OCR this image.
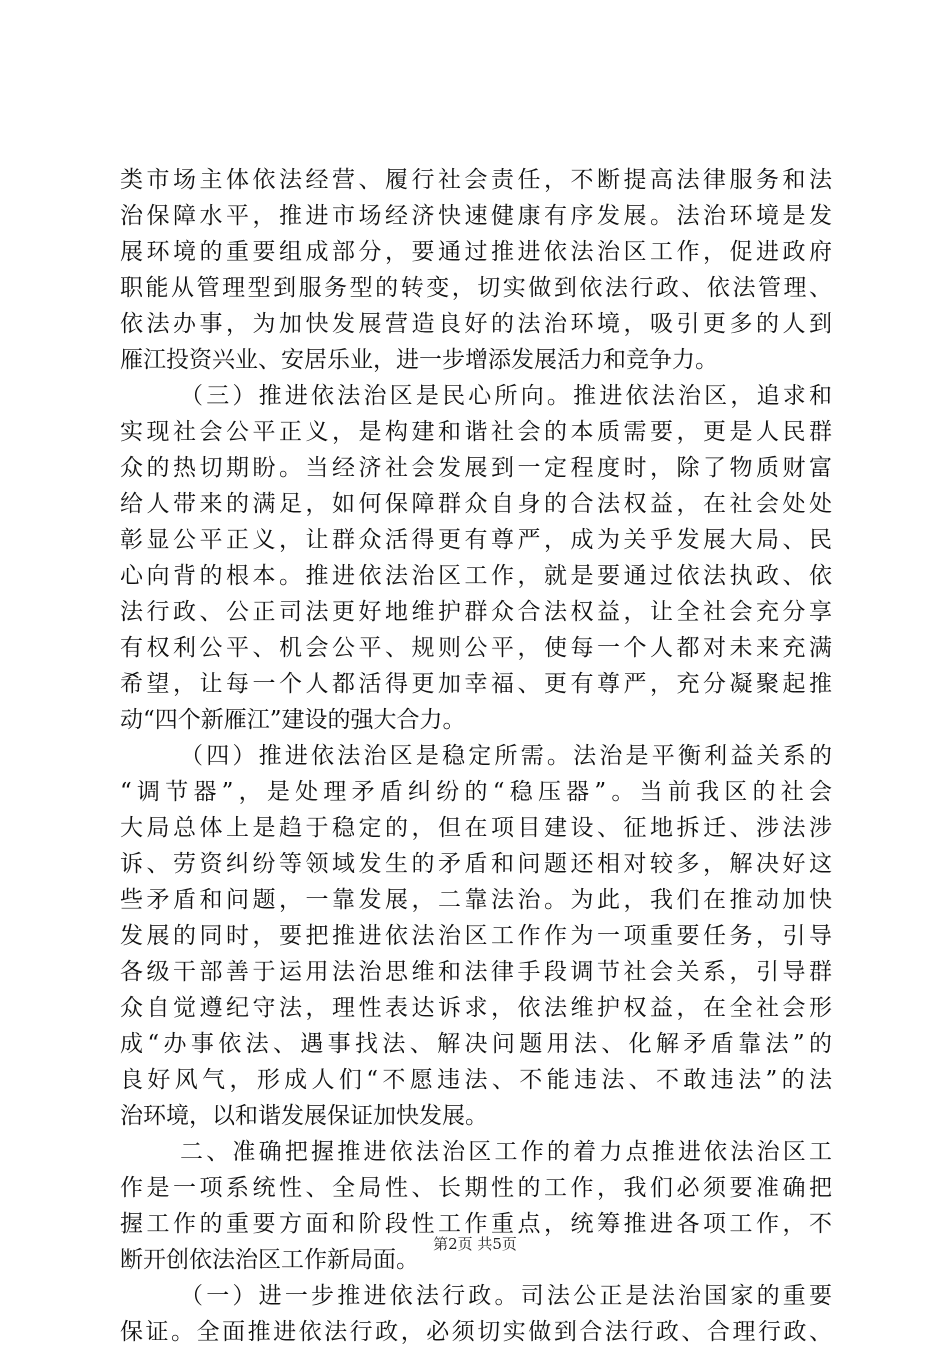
类市场主体依法经营、履行社会责任，不断提高法律服务和法
治保障水平，推进市场经济快速健康有序发展。法治环境是发
展环境的重要组成部分，要通过推进依法治区工作，促进政府
职能从管理型到服务型的转变，切实做到依法行政、依法管理、
依法办事，为加快发展营造良好的法治环境，吸引更多的人到
雁江投资兴业、安居乐业，进一步增添发展活力和竞争力。
（三）推进依法治区是民心所向。推进依法治区，追求和
实现社会公平正义，是构建和谐社会的本质需要，更是人民群
众的热切期盼。当经济社会发展到一定程度时，除了物质财富
给人带来的满足，如何保障群众自身的合法权益，在社会处处
彰显公平正义，让群众活得更有尊严，成为关乎发展大局、民
心向背的根本。推进依法治区工作，就是要通过依法执政、依
法行政、公正司法更好地维护群众合法权益，让全社会充分享
有权利公平、机会公平、规则公平，使每一个人都对未来充满
希望，让每一个人都活得更加幸福、更有尊严，充分凝聚起推
动“四个新雁江”建设的强大合力。
（四）推进依法治区是稳定所需。法治是平衡利益关系的
“调节器”，是处理矛盾纠纷的“稳压器”。当前我区的社会
大局总体上是趋于稳定的，但在项目建设、征地拆迁、涉法涉
诉、劳资纠纷等领域发生的矛盾和问题还相对较多，解决好这
些矛盾和问题，一靠发展，二靠法治。为此，我们在推动加快
发展的同时，要把推进依法治区工作作为一项重要任务，引导
各级干部善于运用法治思维和法律手段调节社会关系，引导群
众自觉遵纪守法，理性表达诉求，依法维护权益，在全社会形
成“办事依法、遇事找法、解决问题用法、化解矛盾靠法”的
良好风气，形成人们“不愿违法、不能违法、不敢违法”的法
治环境，以和谐发展保证加快发展。
二、准确把握推进依法治区工作的着力点推进依法治区工
作是一项系统性、全局性、长期性的工作，我们必须要准确把
握工作的重要方面和阶段性工作重点，统筹推进各项工作，不
断开创依法治区工作新局面。
（一）进一步推进依法行政。司法公正是法治国家的重要
保证。全面推进依法行政，必须切实做到合法行政、合理行政、
第2页 共5页
